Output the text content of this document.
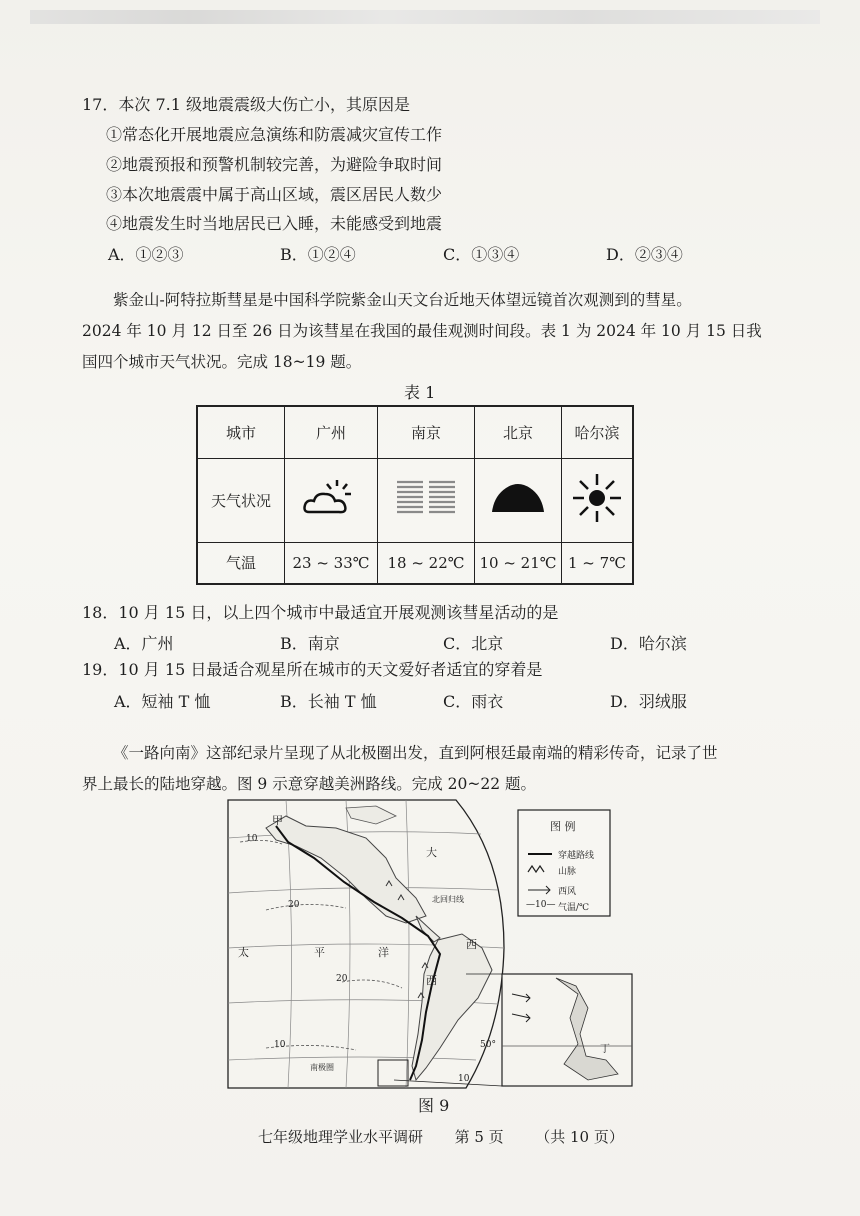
17．本次 7.1 级地震震级大伤亡小，其原因是
①常态化开展地震应急演练和防震减灾宣传工作
②地震预报和预警机制较完善，为避险争取时间
③本次地震震中属于高山区域，震区居民人数少
④地震发生时当地居民已入睡，未能感受到地震
A．①②③	B．①②④	C．①③④	D．②③④
紫金山-阿特拉斯彗星是中国科学院紫金山天文台近地天体望远镜首次观测到的彗星。
2024 年 10 月 12 日至 26 日为该彗星在我国的最佳观测时间段。表 1 为 2024 年 10 月 15 日我
国四个城市天气状况。完成 18~19 题。
表 1
城市	广州	南京	北京	哈尔滨
天气状况				
气温	23 ~ 33℃	18 ~ 22℃	10 ~ 21℃	1 ~ 7℃
18．10 月 15 日，以上四个城市中最适宜开展观测该彗星活动的是
A．广州	B．南京	C．北京	D．哈尔滨
19．10 月 15 日最适合观星所在城市的天文爱好者适宜的穿着是
A．短袖 T 恤	B．长袖 T 恤	C．雨衣	D．羽绒服
《一路向南》这部纪录片呈现了从北极圈出发，直到阿根廷最南端的精彩传奇，记录了世
界上最长的陆地穿越。图 9 示意穿越美洲路线。完成 20~22 题。
甲
10
20
20
10
10
太	平	洋
大
西
西
北回归线
南极圈
50°	丁
图 例
穿越路线
山脉
西风
—10— 气温/℃
图 9
七年级地理学业水平调研 第 5 页 （共 10 页）
